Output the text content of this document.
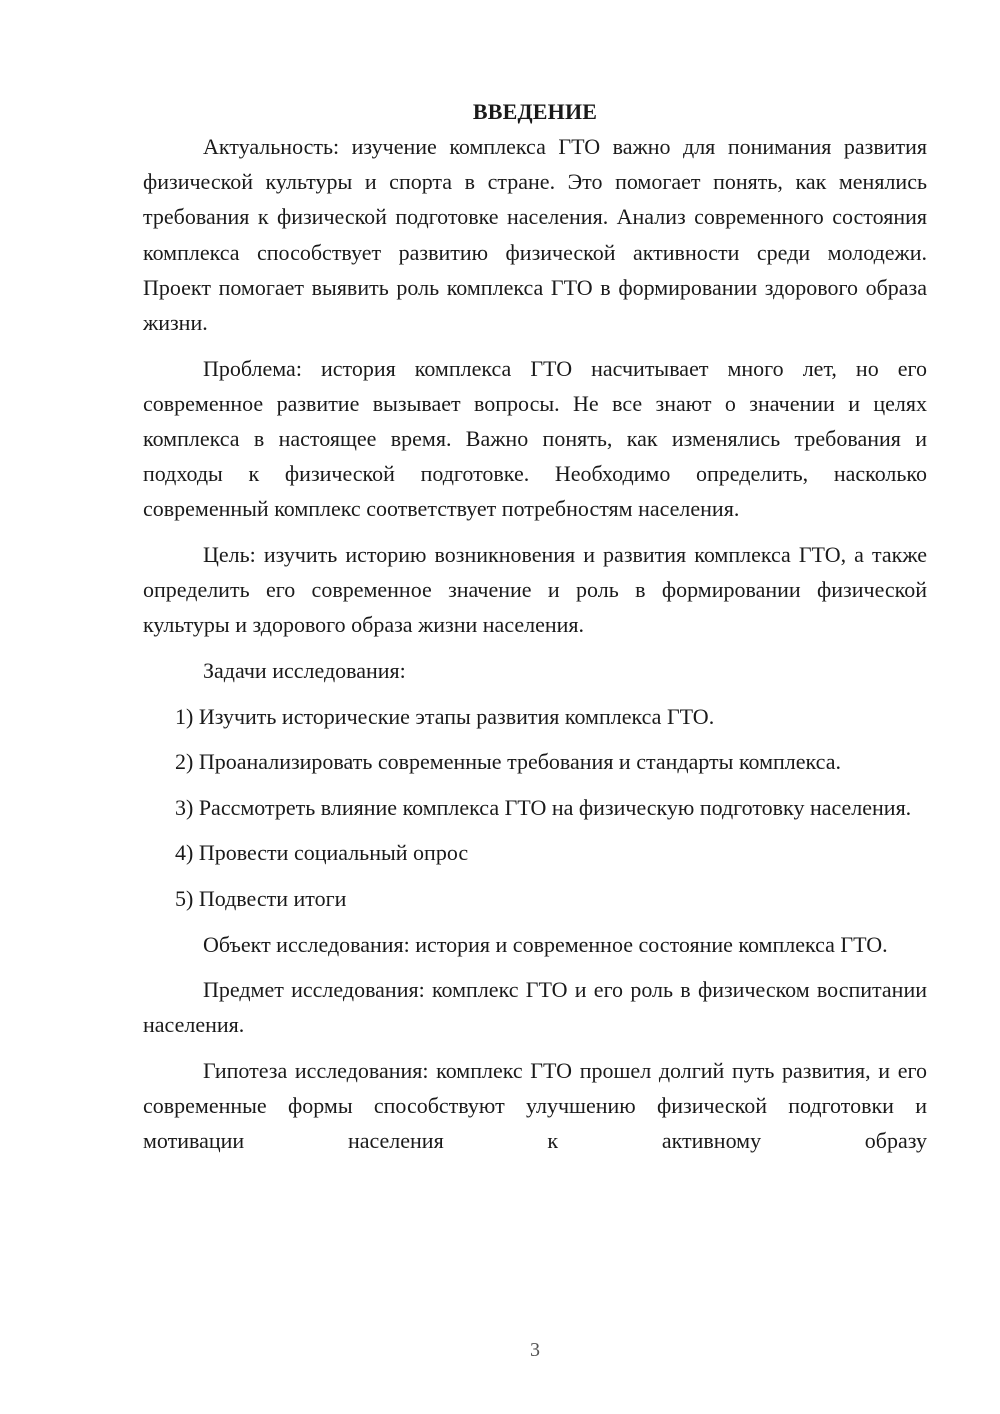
ВВЕДЕНИЕ

Актуальность: изучение комплекса ГТО важно для понимания развития физической культуры и спорта в стране. Это помогает понять, как менялись требования к физической подготовке населения. Анализ современного состояния комплекса способствует развитию физической активности среди молодежи. Проект помогает выявить роль комплекса ГТО в формировании здорового образа жизни.

Проблема: история комплекса ГТО насчитывает много лет, но его современное развитие вызывает вопросы. Не все знают о значении и целях комплекса в настоящее время. Важно понять, как изменялись требования и подходы к физической подготовке. Необходимо определить, насколько современный комплекс соответствует потребностям населения.

Цель: изучить историю возникновения и развития комплекса ГТО, а также определить его современное значение и роль в формировании физической культуры и здорового образа жизни населения.

Задачи исследования:

1) Изучить исторические этапы развития комплекса ГТО.

2) Проанализировать современные требования и стандарты комплекса.

3) Рассмотреть влияние комплекса ГТО на физическую подготовку населения.

4) Провести социальный опрос

5) Подвести итоги

Объект исследования: история и современное состояние комплекса ГТО.

Предмет исследования: комплекс ГТО и его роль в физическом воспитании населения.

Гипотеза исследования: комплекс ГТО прошел долгий путь развития, и его современные формы способствуют улучшению физической подготовки и мотивации населения к активному образу

3
